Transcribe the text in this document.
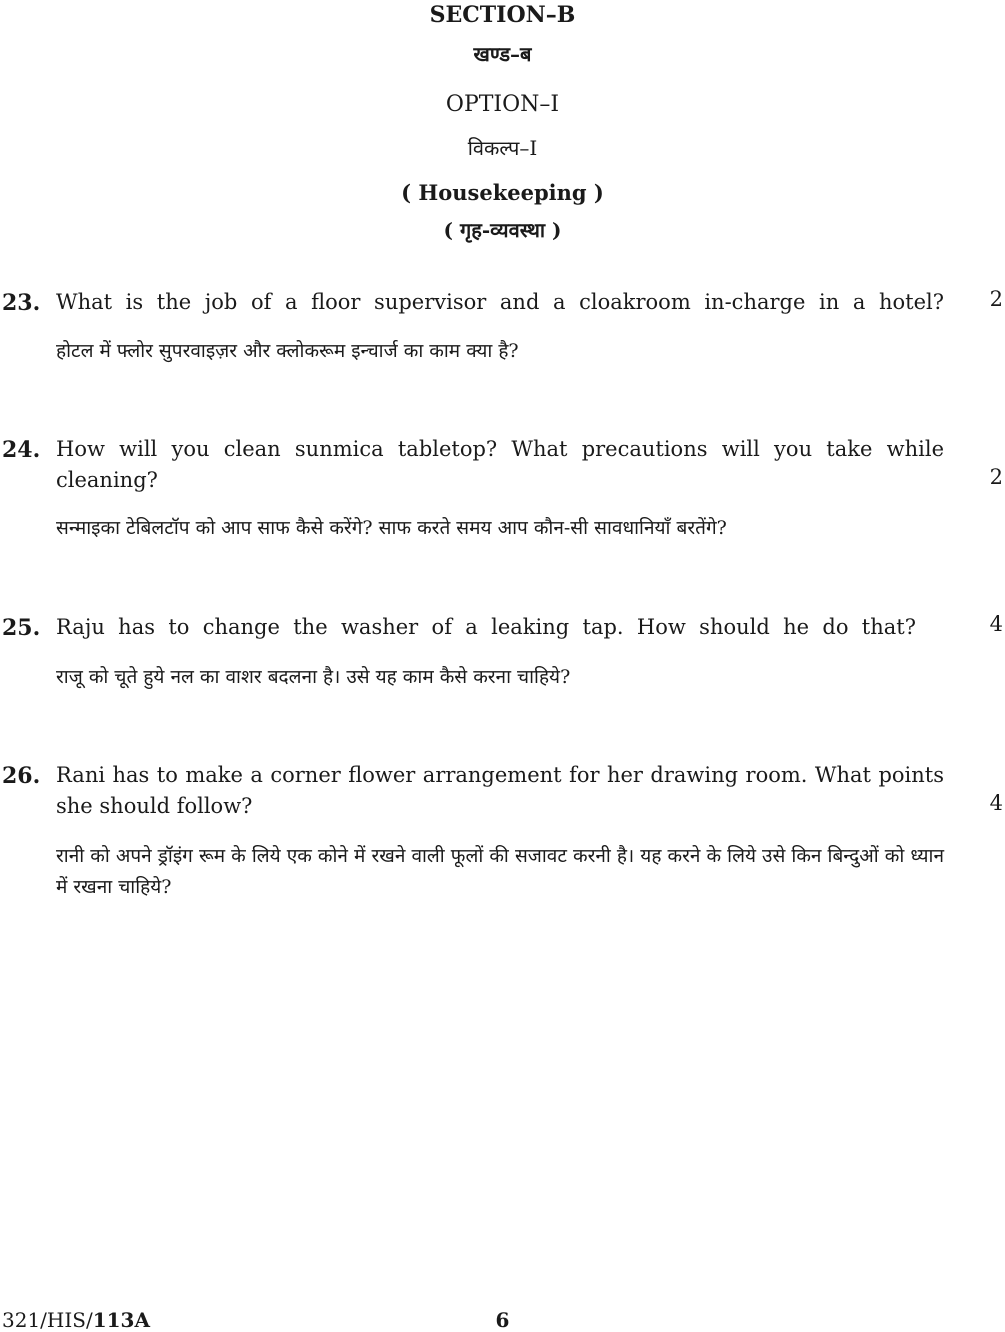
SECTION–B
खण्ड–ब
OPTION–I
विकल्प–I
( Housekeeping )
( गृह-व्यवस्था )
23. What is the job of a floor supervisor and a cloakroom in-charge in a hotel? 2
होटल में फ्लोर सुपरवाइज़र और क्लोकरूम इन्चार्ज का काम क्या है?
24. How will you clean sunmica tabletop? What precautions will you take while cleaning?	2
सन्माइका टेबिलटॉप को आप साफ कैसे करेंगे? साफ करते समय आप कौन-सी सावधानियाँ बरतेंगे?
25. Raju has to change the washer of a leaking tap. How should he do that?	4
राजू को चूते हुये नल का वाशर बदलना है। उसे यह काम कैसे करना चाहिये?
26. Rani has to make a corner flower arrangement for her drawing room. What points she should follow?	4
रानी को अपने ड्रॉइंग रूम के लिये एक कोने में रखने वाली फूलों की सजावट करनी है। यह करने के लिये उसे किन बिन्दुओं को ध्यान में रखना चाहिये?
321/HIS/113A	6
